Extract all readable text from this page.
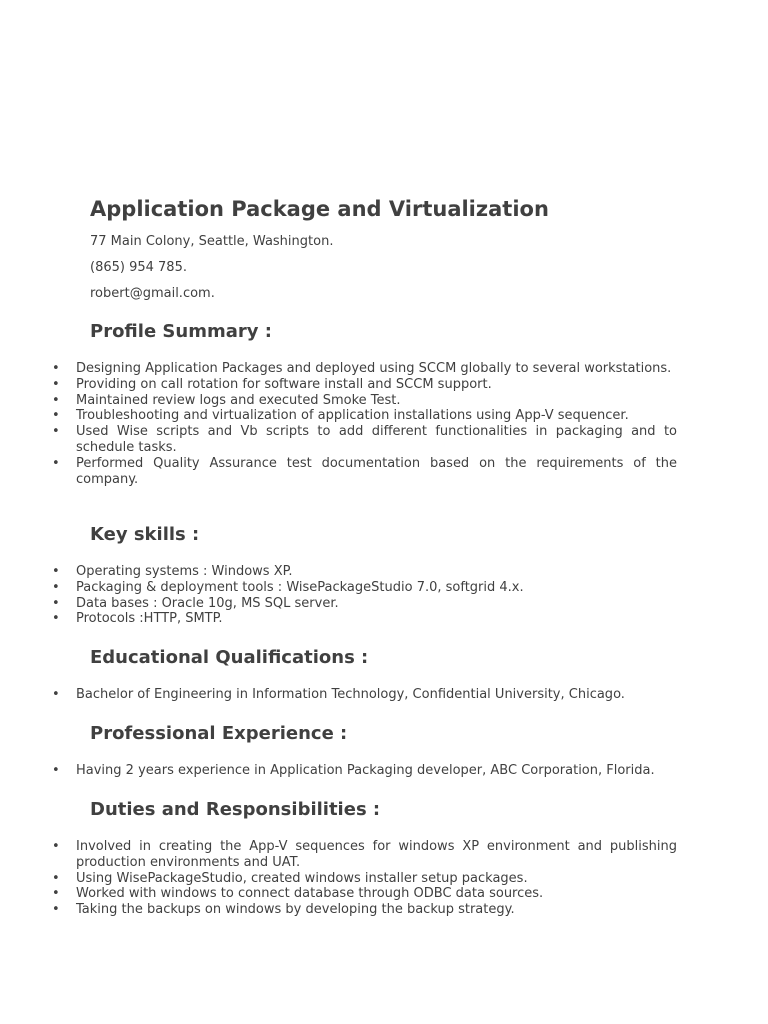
Application Package and Virtualization
77 Main Colony, Seattle, Washington.
(865) 954 785.
robert@gmail.com.
Profile Summary :
• Designing Application Packages and deployed using SCCM globally to several workstations.
• Providing on call rotation for software install and SCCM support.
• Maintained review logs and executed Smoke Test.
• Troubleshooting and virtualization of application installations using App-V sequencer.
• Used Wise scripts and Vb scripts to add different functionalities in packaging and to schedule tasks.
• Performed Quality Assurance test documentation based on the requirements of the company.
Key skills :
• Operating systems : Windows XP.
• Packaging & deployment tools : WisePackageStudio 7.0, softgrid 4.x.
• Data bases : Oracle 10g, MS SQL server.
• Protocols :HTTP, SMTP.
Educational Qualifications :
• Bachelor of Engineering in Information Technology, Confidential University, Chicago.
Professional Experience :
• Having 2 years experience in Application Packaging developer, ABC Corporation, Florida.
Duties and Responsibilities :
• Involved in creating the App-V sequences for windows XP environment and publishing production environments and UAT.
• Using WisePackageStudio, created windows installer setup packages.
• Worked with windows to connect database through ODBC data sources.
• Taking the backups on windows by developing the backup strategy.
